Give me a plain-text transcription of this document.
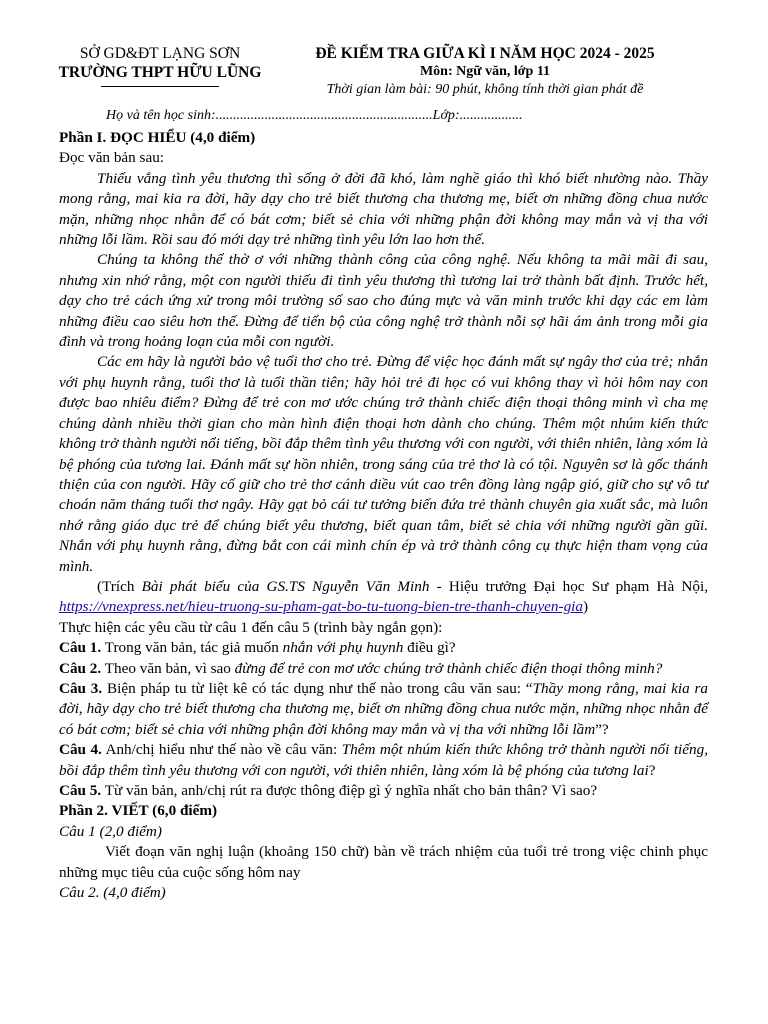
SỞ GD&ĐT LẠNG SƠN
TRƯỜNG THPT HỮU LŨNG
ĐỀ KIỂM TRA GIỮA KÌ I NĂM HỌC 2024 - 2025
Môn: Ngữ văn, lớp 11
Thời gian làm bài: 90 phút, không tính thời gian phát đề
Họ và tên học sinh:..............................................................Lớp:..................

Phần I. ĐỌC HIỂU (4,0 điểm)

Đọc văn bản sau:

Thiếu vắng tình yêu thương thì sống ở đời đã khó, làm nghề giáo thì khó biết nhường nào. Thầy mong rằng, mai kia ra đời, hãy dạy cho trẻ biết thương cha thương mẹ, biết ơn những đồng chua nước mặn, những nhọc nhằn để có bát cơm; biết sẻ chia với những phận đời không may mắn và vị tha với những lỗi lầm. Rồi sau đó mới dạy trẻ những tình yêu lớn lao hơn thế.

Chúng ta không thể thờ ơ với những thành công của công nghệ. Nếu không ta mãi mãi đi sau, nhưng xin nhớ rằng, một con người thiếu đi tình yêu thương thì tương lai trở thành bất định. Trước hết, dạy cho trẻ cách ứng xử trong môi trường số sao cho đúng mực và văn minh trước khi dạy các em làm những điều cao siêu hơn thế. Đừng để tiến bộ của công nghệ trở thành nỗi sợ hãi ám ảnh trong mỗi gia đình và trong hoảng loạn của mỗi con người.

Các em hãy là người bảo vệ tuổi thơ cho trẻ. Đừng để việc học đánh mất sự ngây thơ của trẻ; nhắn với phụ huynh rằng, tuổi thơ là tuổi thần tiên; hãy hỏi trẻ đi học có vui không thay vì hỏi hôm nay con được bao nhiêu điểm? Đừng để trẻ con mơ ước chúng trở thành chiếc điện thoại thông minh vì cha mẹ chúng dành nhiều thời gian cho màn hình điện thoại hơn dành cho chúng. Thêm một nhúm kiến thức không trở thành người nổi tiếng, bồi đắp thêm tình yêu thương với con người, với thiên nhiên, làng xóm là bệ phóng của tương lai. Đánh mất sự hồn nhiên, trong sáng của trẻ thơ là có tội. Nguyên sơ là gốc thánh thiện của con người. Hãy cố giữ cho trẻ thơ cánh diều vút cao trên đồng làng ngập gió, giữ cho sự vô tư choán năm tháng tuổi thơ ngây. Hãy gạt bỏ cái tư tưởng biến đứa trẻ thành chuyên gia xuất sắc, mà luôn nhớ rằng giáo dục trẻ để chúng biết yêu thương, biết quan tâm, biết sẻ chia với những người gần gũi. Nhắn với phụ huynh rằng, đừng bắt con cái mình chín ép và trở thành công cụ thực hiện tham vọng của mình.

(Trích Bài phát biểu của GS.TS Nguyễn Văn Minh - Hiệu trưởng Đại học Sư phạm Hà Nội, https://vnexpress.net/hieu-truong-su-pham-gat-bo-tu-tuong-bien-tre-thanh-chuyen-gia)

Thực hiện các yêu cầu từ câu 1 đến câu 5 (trình bày ngắn gọn):

Câu 1. Trong văn bản, tác giả muốn nhắn với phụ huynh điều gì?

Câu 2. Theo văn bản, vì sao đừng để trẻ con mơ ước chúng trở thành chiếc điện thoại thông minh?

Câu 3. Biện pháp tu từ liệt kê có tác dụng như thế nào trong câu văn sau: “Thầy mong rằng, mai kia ra đời, hãy dạy cho trẻ biết thương cha thương mẹ, biết ơn những đồng chua nước mặn, những nhọc nhằn để có bát cơm; biết sẻ chia với những phận đời không may mắn và vị tha với những lỗi lầm”?

Câu 4. Anh/chị hiểu như thế nào về câu văn: Thêm một nhúm kiến thức không trở thành người nổi tiếng, bồi đắp thêm tình yêu thương với con người, với thiên nhiên, làng xóm là bệ phóng của tương lai?

Câu 5. Từ văn bản, anh/chị rút ra được thông điệp gì ý nghĩa nhất cho bản thân? Vì sao?

Phần 2. VIẾT (6,0 điểm)

Câu 1 (2,0 điểm)

Viết đoạn văn nghị luận (khoảng 150 chữ) bàn về trách nhiệm của tuổi trẻ trong việc chinh phục những mục tiêu của cuộc sống hôm nay

Câu 2. (4,0 điểm)
